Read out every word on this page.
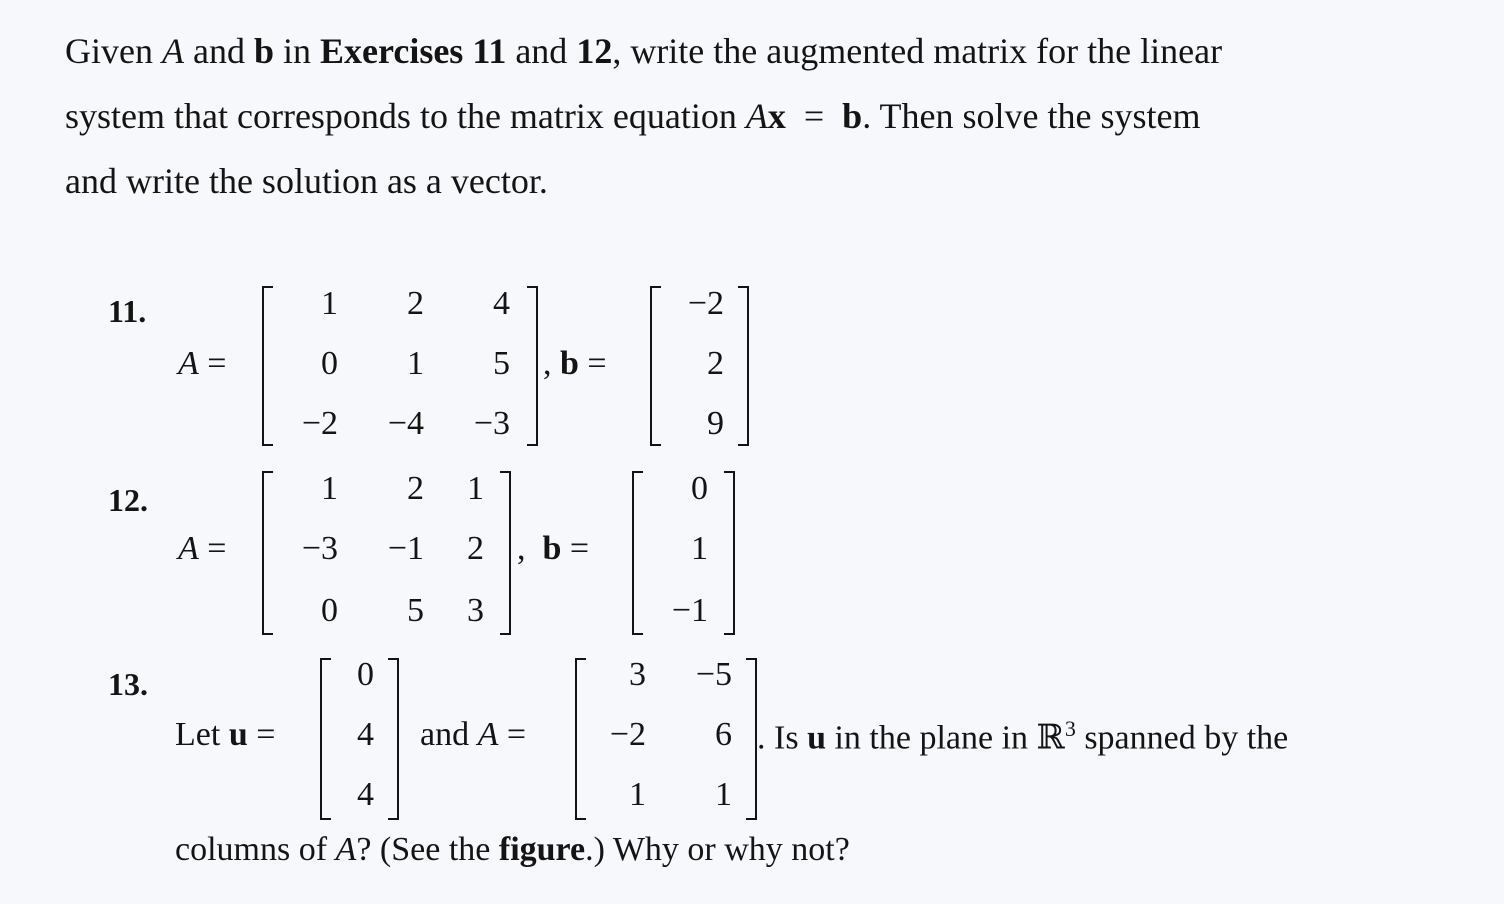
Given A and b in Exercises 11 and 12, write the augmented matrix for the linear
system that corresponds to the matrix equation Ax = b. Then solve the system
and write the solution as a vector.
11.
A =
1	2	4
0	1	5
−2	−4	−3
, b =
−2
2
9
12.
A =
1	2	1
−3	−1	2
0	5	3
, b =
0
1
−1
13.
Let u =
0
4
4
and A =
3	−5
−2	6
1	1
. Is u in the plane in ℝ$^3$ spanned by the
columns of A? (See the figure.) Why or why not?
